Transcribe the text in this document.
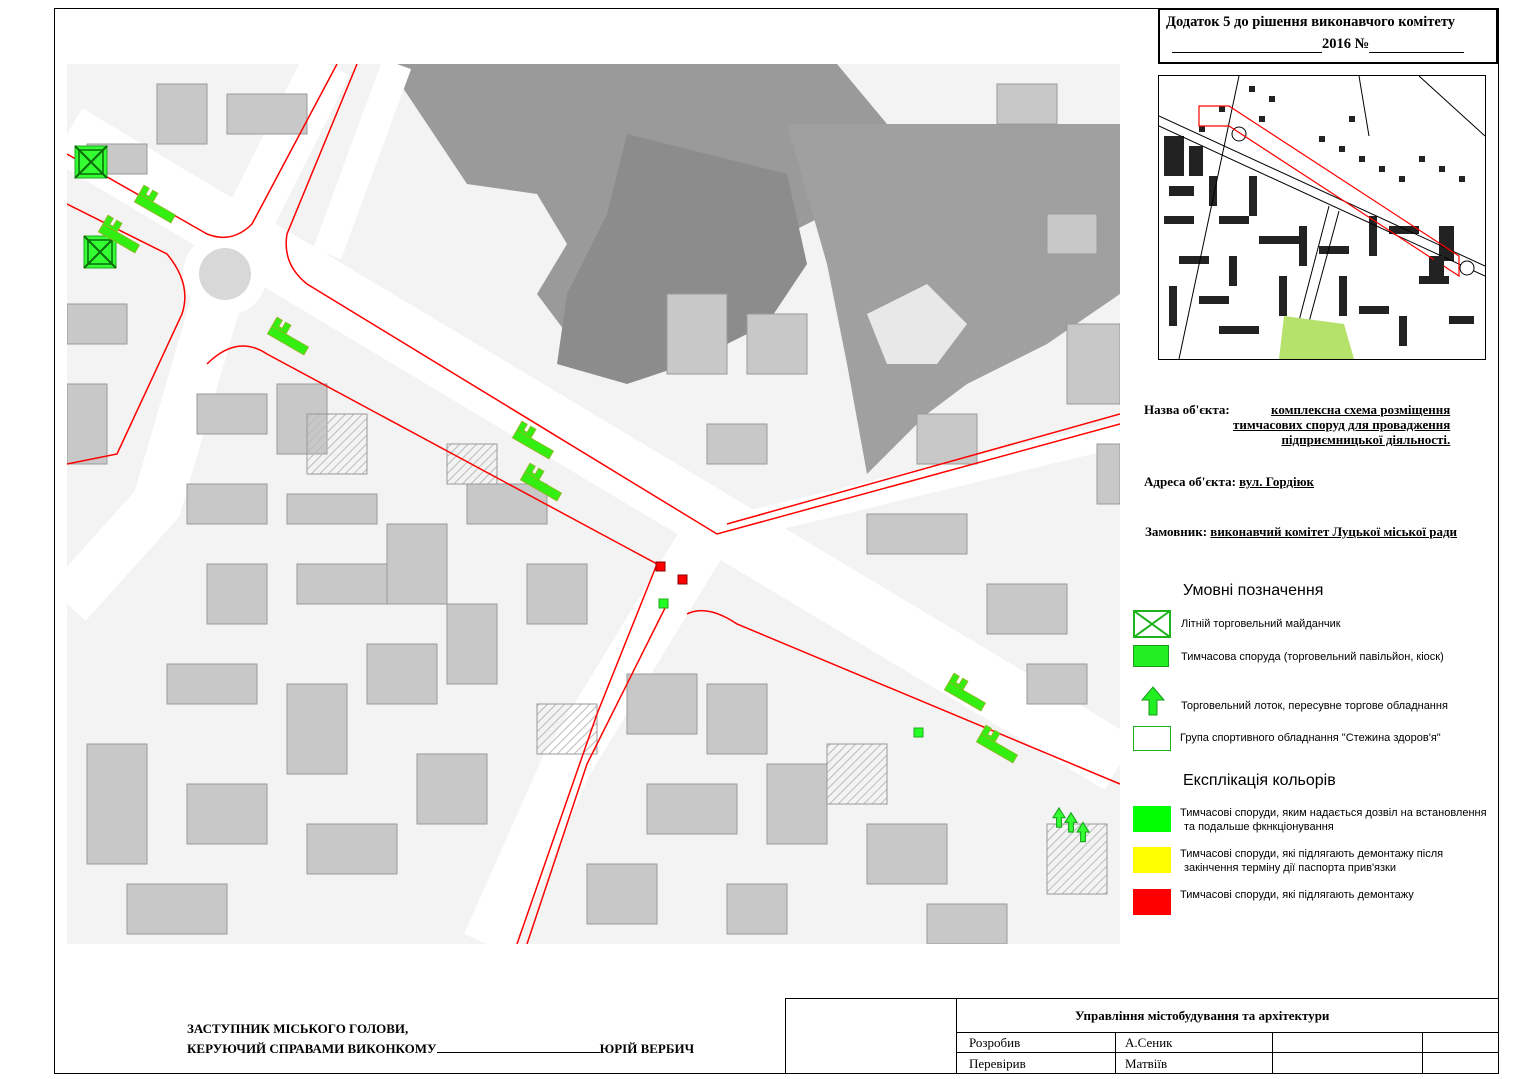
Додаток 5 до рішення виконавчого комітету
2016 №
Назва об'єкта:	комплексна схема розміщення
тимчасових споруд для провадження
підприємницької діяльності.
Адреса об'єкта: вул. Гордіюк
Замовник: виконавчий комітет Луцької міської ради
Умовні позначення
Літній торговельний майданчик
Тимчасова споруда (торговельний павільйон, кіоск)
Торговельний лоток, пересувне торгове обладнання
Група спортивного обладнання "Стежина здоров'я"
Експлікація кольорів
Тимчасові споруди, яким надається дозвіл на встановлення
та подальше фкнкціонування
Тимчасові споруди, які підлягають демонтажу після
закінчення терміну дії паспорта прив'язки
Тимчасові споруди, які підлягають демонтажу
ЗАСТУПНИК МІСЬКОГО ГОЛОВИ,
КЕРУЮЧИЙ СПРАВАМИ ВИКОНКОМУ	ЮРІЙ ВЕРБИЧ
Управління містобудування та архітектури
Розробив	А.Сеник
Перевірив	Матвіїв
